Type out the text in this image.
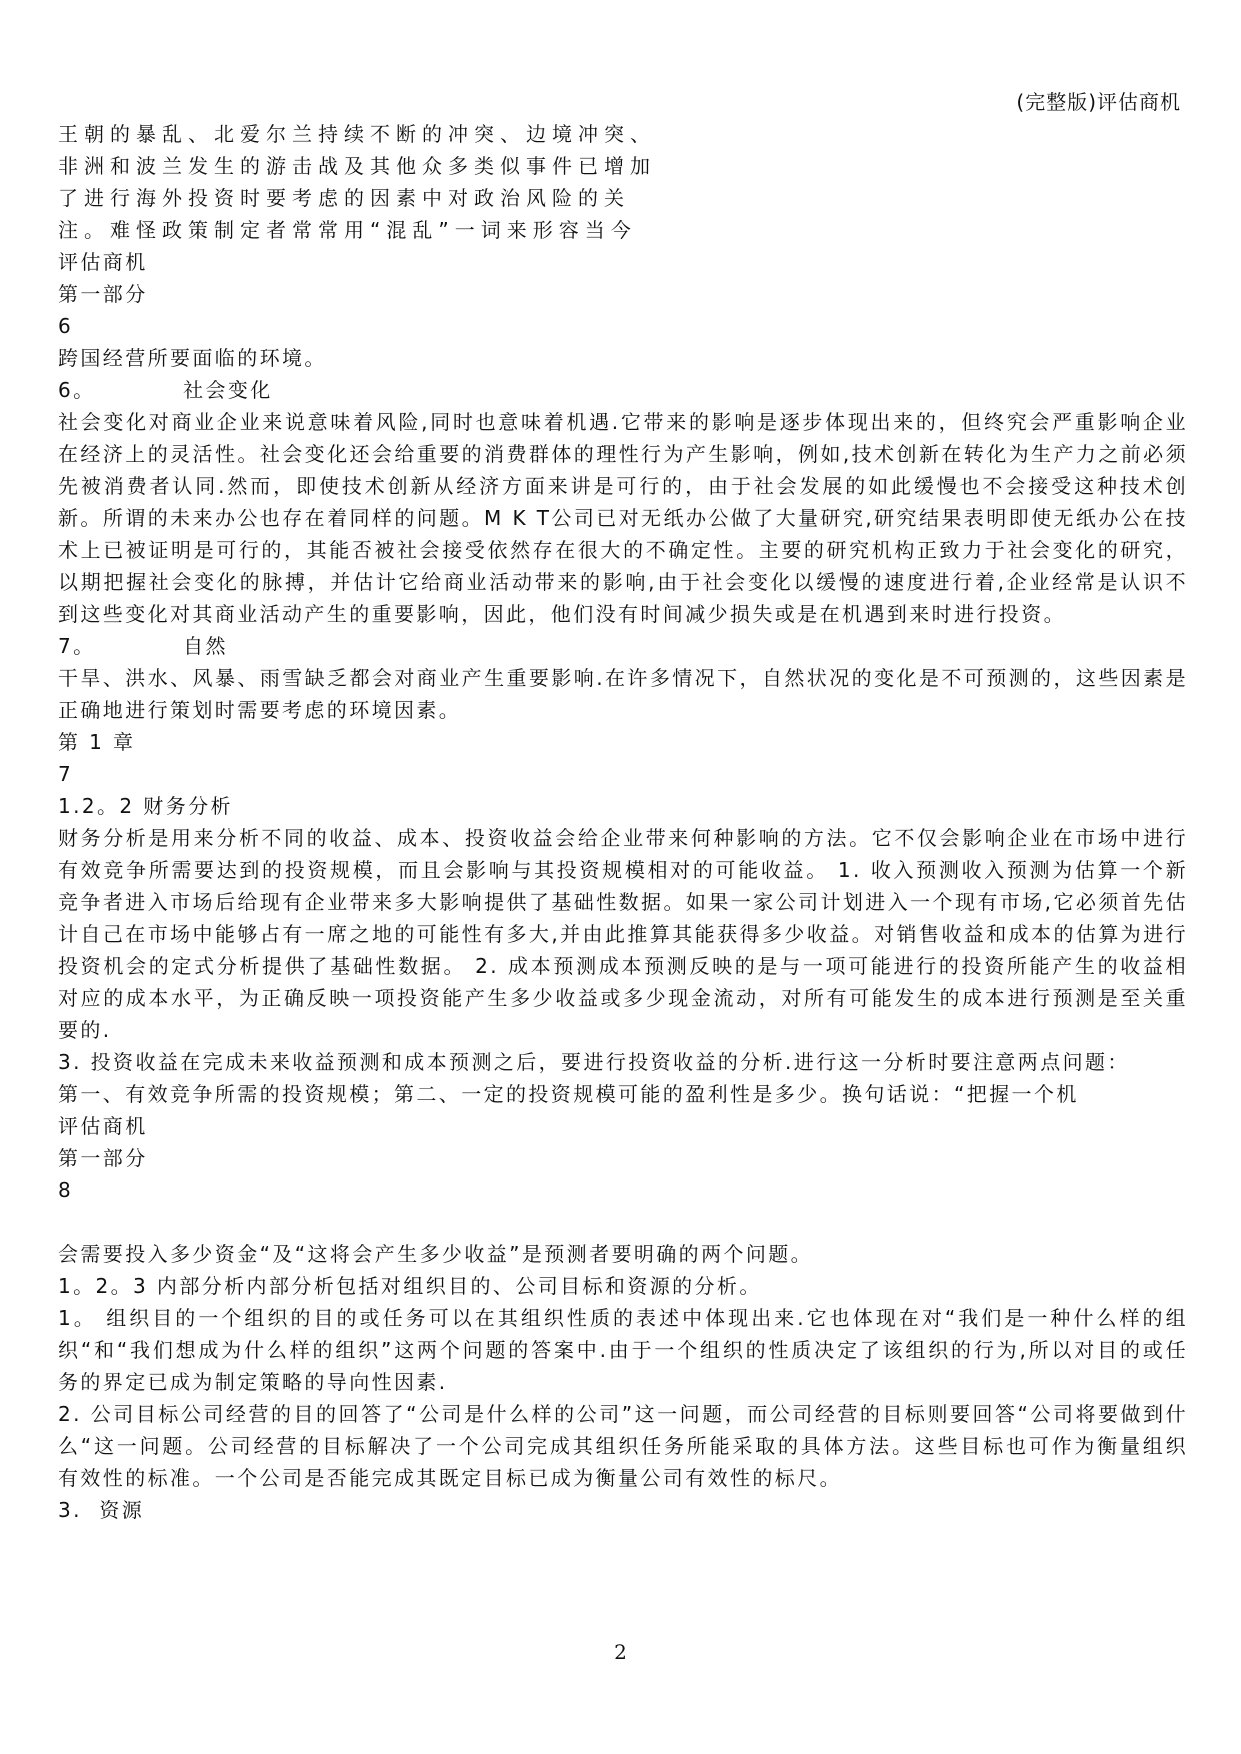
(完整版)评估商机
王朝的暴乱、北爱尔兰持续不断的冲突、边境冲突、
非洲和波兰发生的游击战及其他众多类似事件已增加
了进行海外投资时要考虑的因素中对政治风险的关
注。难怪政策制定者常常用“混乱”一词来形容当今
评估商机
第一部分
6
跨国经营所要面临的环境。
6。          社会变化
社会变化对商业企业来说意味着风险,同时也意味着机遇.它带来的影响是逐步体现出来的，但终究会严重影响企业在经济上的灵活性。社会变化还会给重要的消费群体的理性行为产生影响，例如,技术创新在转化为生产力之前必须先被消费者认同.然而，即使技术创新从经济方面来讲是可行的，由于社会发展的如此缓慢也不会接受这种技术创新。所谓的未来办公也存在着同样的问题。M K T公司已对无纸办公做了大量研究,研究结果表明即使无纸办公在技术上已被证明是可行的，其能否被社会接受依然存在很大的不确定性。主要的研究机构正致力于社会变化的研究，以期把握社会变化的脉搏，并估计它给商业活动带来的影响,由于社会变化以缓慢的速度进行着,企业经常是认识不到这些变化对其商业活动产生的重要影响，因此，他们没有时间减少损失或是在机遇到来时进行投资。
7。          自然
干旱、洪水、风暴、雨雪缺乏都会对商业产生重要影响.在许多情况下，自然状况的变化是不可预测的，这些因素是正确地进行策划时需要考虑的环境因素。
第 1 章
7
1.2。2 财务分析
财务分析是用来分析不同的收益、成本、投资收益会给企业带来何种影响的方法。它不仅会影响企业在市场中进行有效竞争所需要达到的投资规模，而且会影响与其投资规模相对的可能收益。 1. 收入预测收入预测为估算一个新竞争者进入市场后给现有企业带来多大影响提供了基础性数据。如果一家公司计划进入一个现有市场,它必须首先估计自己在市场中能够占有一席之地的可能性有多大,并由此推算其能获得多少收益。对销售收益和成本的估算为进行投资机会的定式分析提供了基础性数据。 2. 成本预测成本预测反映的是与一项可能进行的投资所能产生的收益相对应的成本水平，为正确反映一项投资能产生多少收益或多少现金流动，对所有可能发生的成本进行预测是至关重要的.
3. 投资收益在完成未来收益预测和成本预测之后，要进行投资收益的分析.进行这一分析时要注意两点问题：
第一、有效竞争所需的投资规模；第二、一定的投资规模可能的盈利性是多少。换句话说：“把握一个机
评估商机
第一部分
8
会需要投入多少资金“及“这将会产生多少收益”是预测者要明确的两个问题。
1。2。3 内部分析内部分析包括对组织目的、公司目标和资源的分析。
1。 组织目的一个组织的目的或任务可以在其组织性质的表述中体现出来.它也体现在对“我们是一种什么样的组织“和“我们想成为什么样的组织”这两个问题的答案中.由于一个组织的性质决定了该组织的行为,所以对目的或任务的界定已成为制定策略的导向性因素.
2. 公司目标公司经营的目的回答了“公司是什么样的公司”这一问题，而公司经营的目标则要回答“公司将要做到什么“这一问题。公司经营的目标解决了一个公司完成其组织任务所能采取的具体方法。这些目标也可作为衡量组织有效性的标准。一个公司是否能完成其既定目标已成为衡量公司有效性的标尺。
3.  资源
2
